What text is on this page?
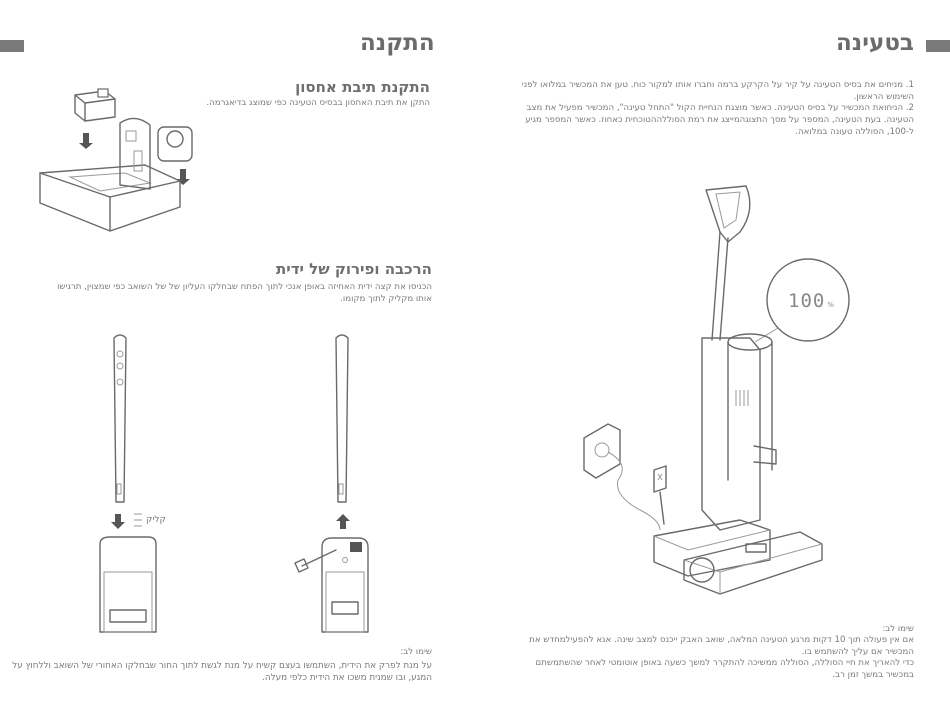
התקנה	בטעינה
התקנת תיבת אחסון
התקן את תיבת האחסון בבסיס הטעינה כפי שמוצג בדיאגרמה.
הרכבה ופירוק של ידית
הכניסו את קצה ידית האחיזה באופן אנכי לתוך הפתח שבחלקו העליון של של השואב כפי שמצוין, תרגישו אותו מקליק לתוך מקומו.
קליק
שימו לב:
על מנת לפרק את הידית, השתמשו בעצם קשיח על מנת לגשת לתוך החור שבחלקו האחורי של השואב וללחוץ על המגע, ובו שמנית משכו את הידית כלפי מעלה.
1. מניחים את בסיס הטעינה על קיר על הקרקע ברמה וחברו אותו למקור כוח. טען את המכשיר במלואו לפני השימוש הראשון.
2. הניחואת המכשיר על בסיס הטעינה. כאשר מוצגת הנחיית הקול "התחל טעינה", המכשיר מפעיל את מצב הטעינה. בעת הטעינה, המספר על מסך התצוגהמייצג את רמת הסוללההטוכחית כאחוז. כאשר המספר מגיע ל-100, הסוללה טעונה במלואה.
100 %
שימו לב:
אם אין פעולה תוך 10 דקות מרגע הטעינה המלאה, שואב האבק ייכנס למצב שינה. אנא להפעילמחדש את המכשיר אם עליך להשתמש בו.
כדי להאריך את חיי הסוללה, הסוללה ממשיכה להתקרר למשך כשעה באופן אוטומטי לאחר שהשתמשתם במכשיר במשך זמן רב.
